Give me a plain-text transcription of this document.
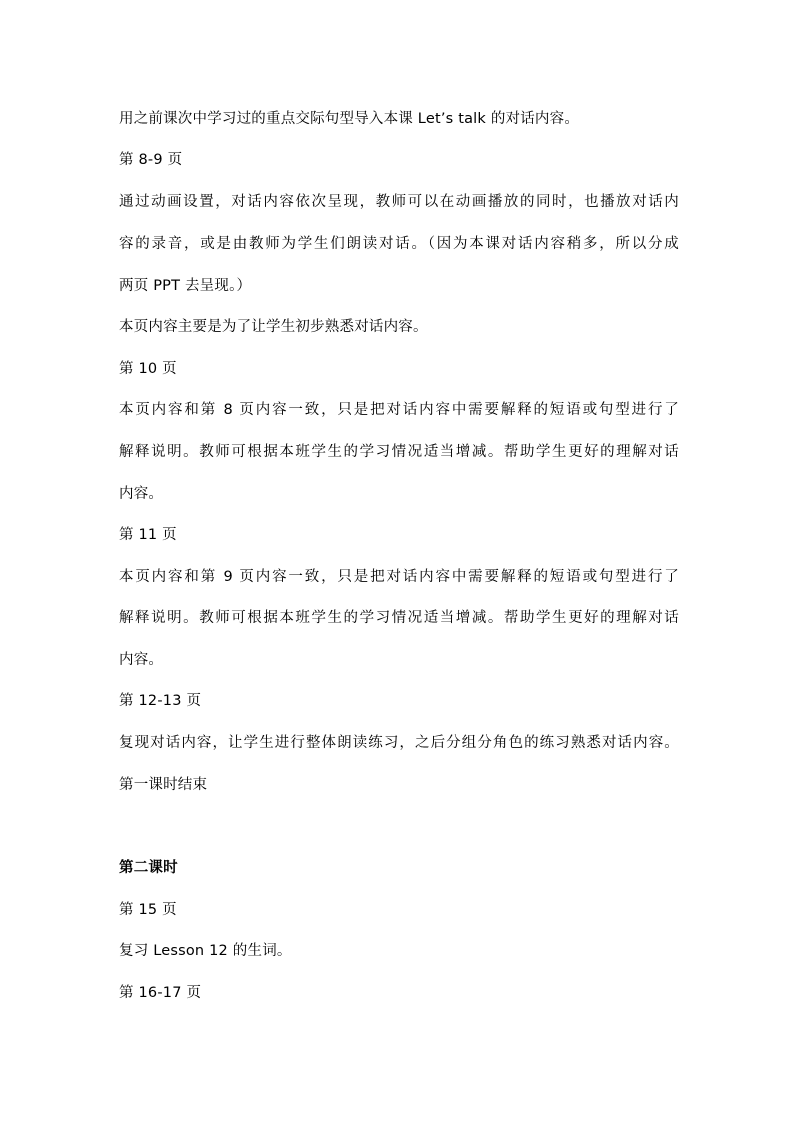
用之前课次中学习过的重点交际句型导入本课 Let’s talk 的对话内容。
第 8-9 页
通过动画设置，对话内容依次呈现，教师可以在动画播放的同时，也播放对话内
容的录音，或是由教师为学生们朗读对话。（因为本课对话内容稍多，所以分成
两页 PPT 去呈现。）
本页内容主要是为了让学生初步熟悉对话内容。
第 10 页
本页内容和第 8 页内容一致，只是把对话内容中需要解释的短语或句型进行了
解释说明。教师可根据本班学生的学习情况适当增减。帮助学生更好的理解对话
内容。
第 11 页
本页内容和第 9 页内容一致，只是把对话内容中需要解释的短语或句型进行了
解释说明。教师可根据本班学生的学习情况适当增减。帮助学生更好的理解对话
内容。
第 12-13 页
复现对话内容，让学生进行整体朗读练习，之后分组分角色的练习熟悉对话内容。
第一课时结束
第二课时
第 15 页
复习 Lesson 12 的生词。
第 16-17 页
